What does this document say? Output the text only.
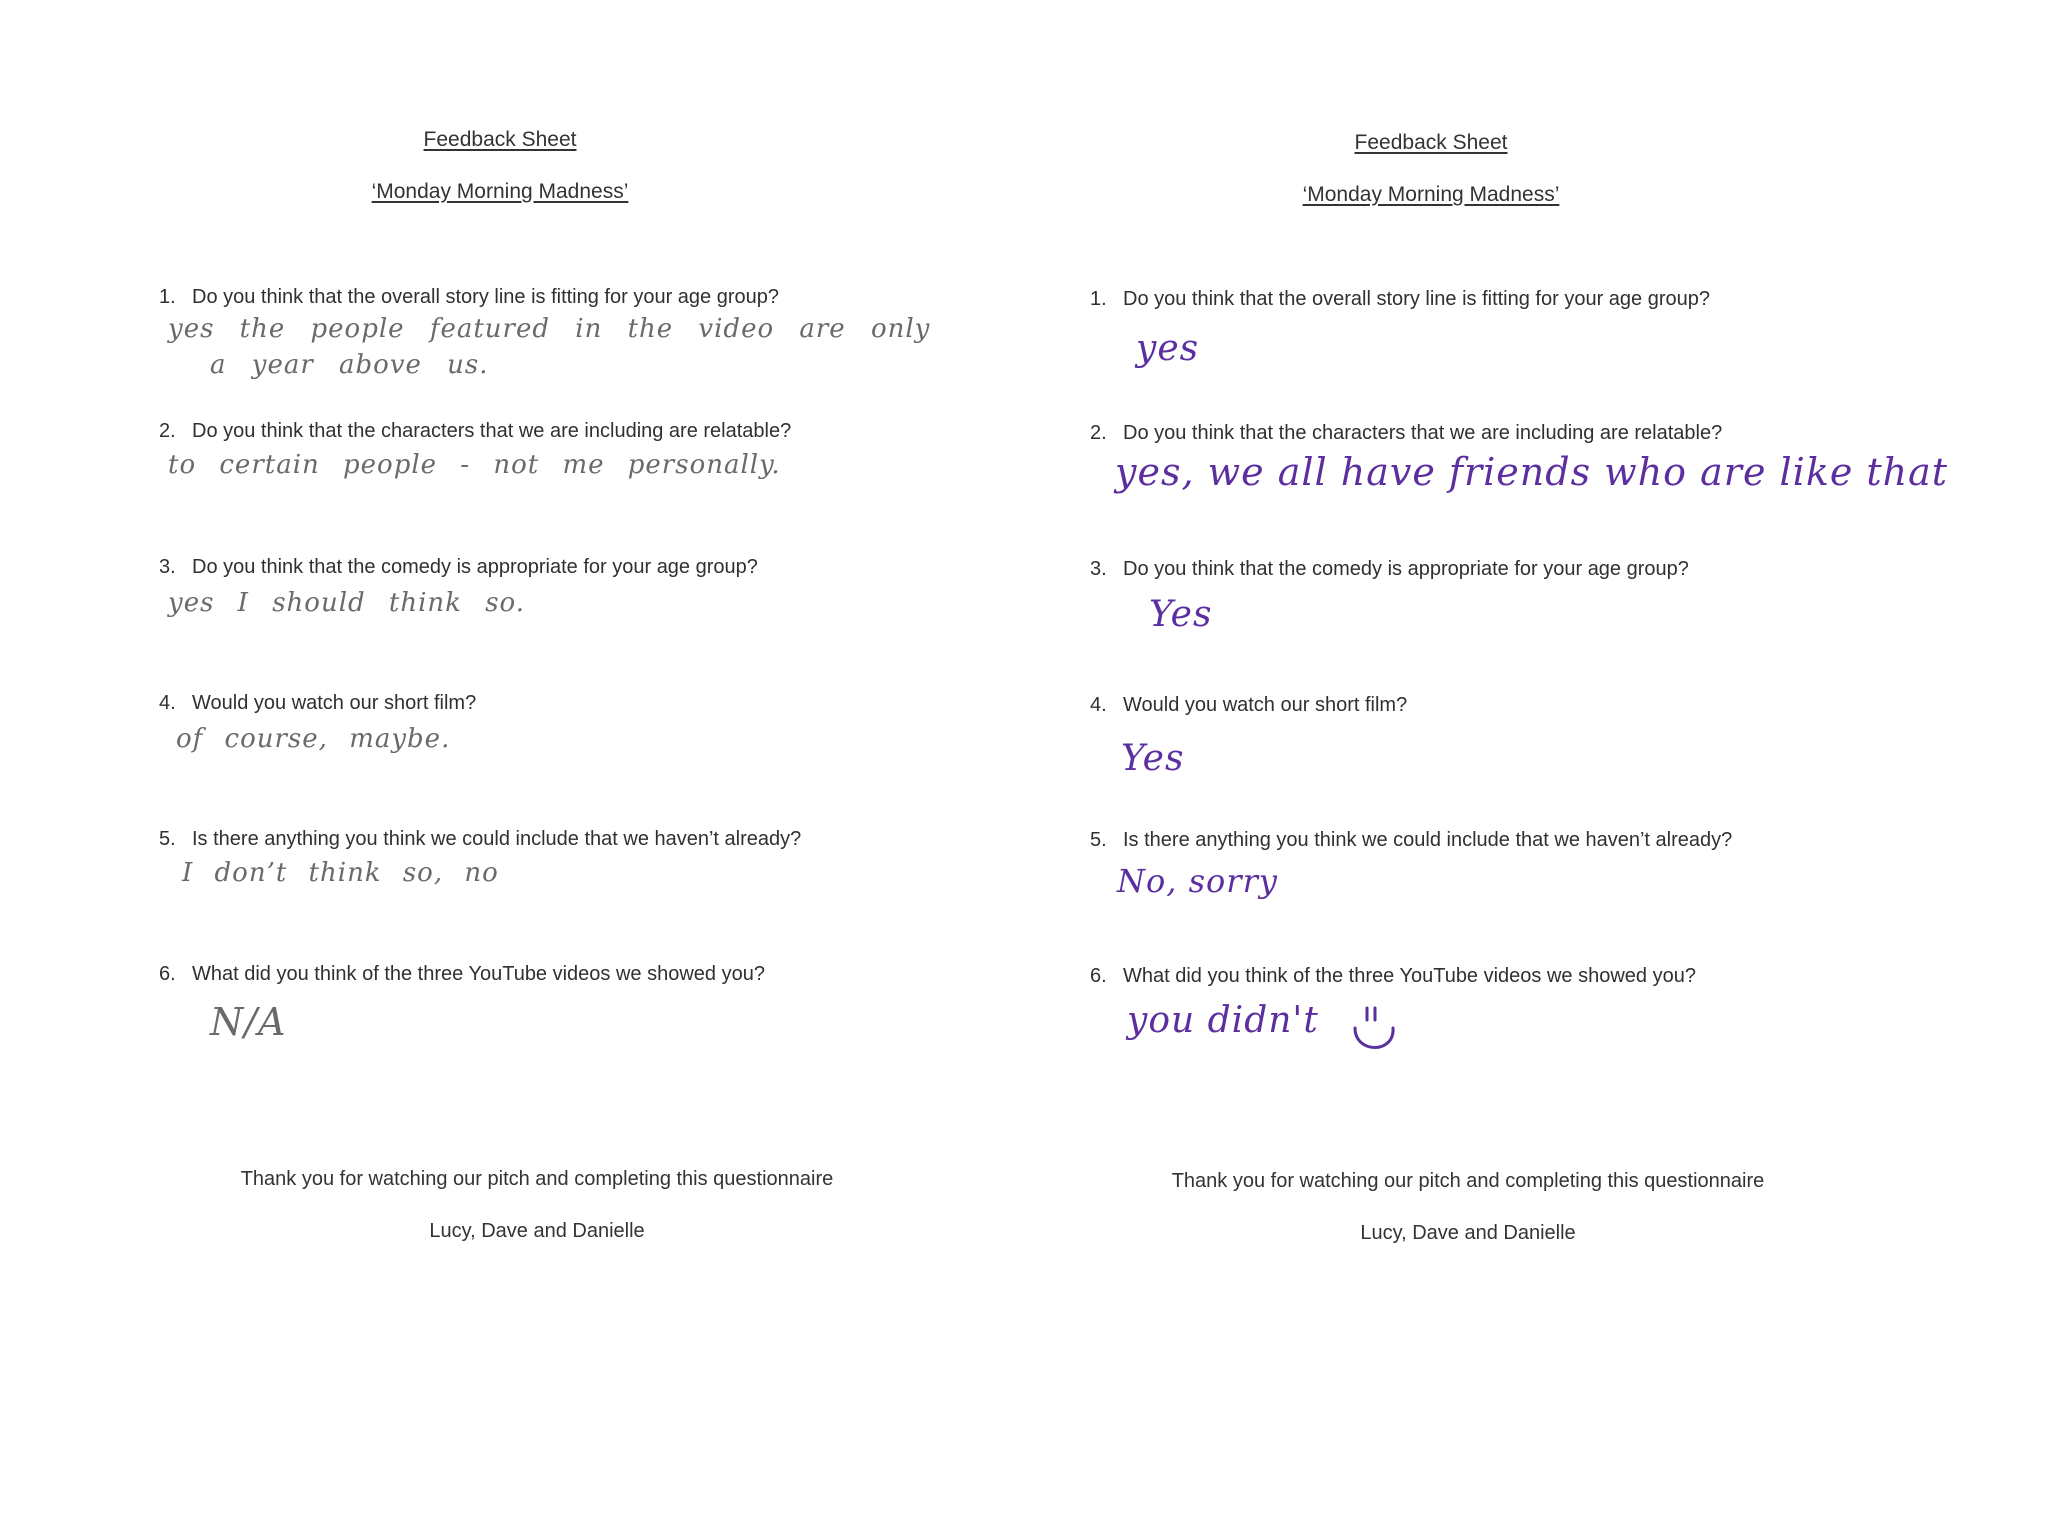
Feedback Sheet
‘Monday Morning Madness’
1. Do you think that the overall story line is fitting for your age group?
yes the people featured in the video are only
a year above us.
2. Do you think that the characters that we are including are relatable?
to certain people - not me personally.
3. Do you think that the comedy is appropriate for your age group?
yes I should think so.
4. Would you watch our short film?
of course, maybe.
5. Is there anything you think we could include that we haven’t already?
I don’t think so, no
6. What did you think of the three YouTube videos we showed you?
N/A
Thank you for watching our pitch and completing this questionnaire
Lucy, Dave and Danielle
Feedback Sheet
‘Monday Morning Madness’
1. Do you think that the overall story line is fitting for your age group?
yes
2. Do you think that the characters that we are including are relatable?
yes, we all have friends who are like that
3. Do you think that the comedy is appropriate for your age group?
Yes
4. Would you watch our short film?
Yes
5. Is there anything you think we could include that we haven’t already?
No, sorry
6. What did you think of the three YouTube videos we showed you?
you didn't
Thank you for watching our pitch and completing this questionnaire
Lucy, Dave and Danielle
